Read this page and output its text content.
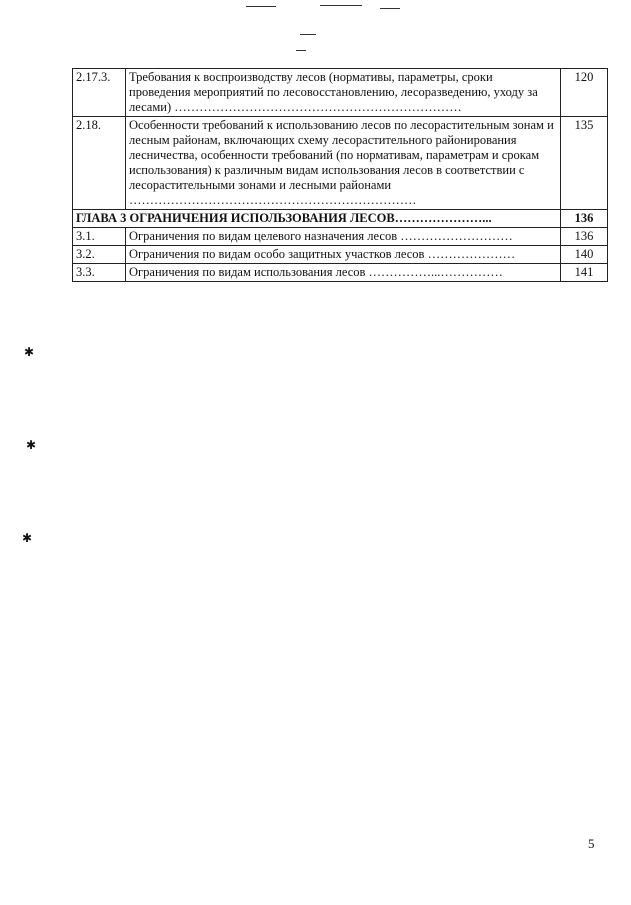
2.17.3.	Требования к воспроизводству лесов (нормативы, параметры, сроки проведения мероприятий по лесовосстановлению, лесоразведению, уходу за лесами) ……………………………………………………………	120
2.18.	Особенности требований к использованию лесов по лесорастительным зонам и лесным районам, включающих схему лесорастительного районирования лесничества, особенности требований (по нормативам, параметрам и срокам использования) к различным видам использования лесов в соответствии с лесорастительными зонами и лесными районами ……………………………………………………………	135
ГЛАВА 3 ОГРАНИЧЕНИЯ ИСПОЛЬЗОВАНИЯ ЛЕСОВ…………………...		136
3.1.	Ограничения по видам целевого назначения лесов ………………………	136
3.2.	Ограничения по видам особо защитных участков лесов …………………	140
3.3.	Ограничения по видам использования лесов ……………...……………	141
✱
✱
✱
5
